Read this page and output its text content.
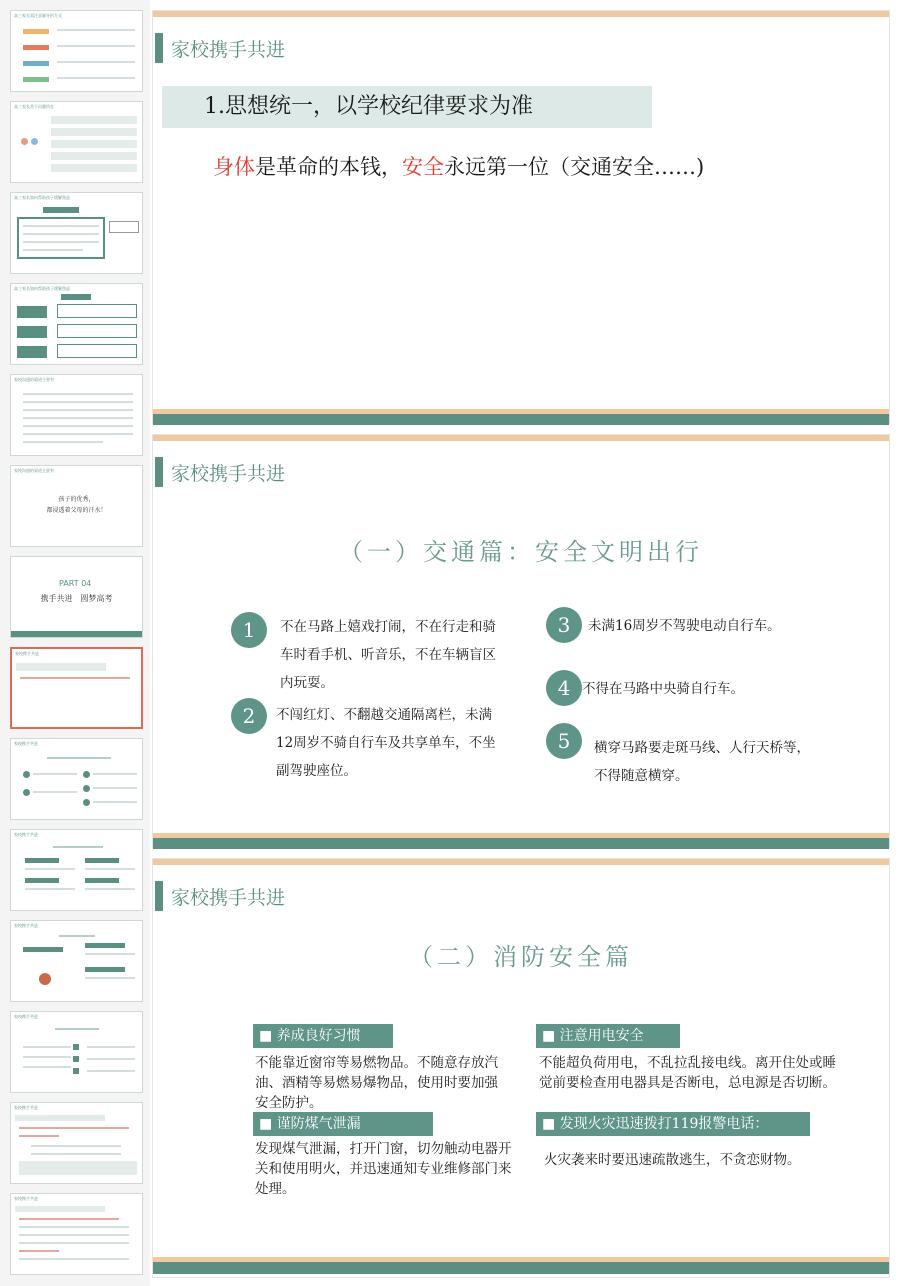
高三家长需注意辅导的方式
高三家长常干问题所在：
高三家长如何帮助孩子缓解焦虑
高三家长如何帮助孩子缓解焦虑
家校沟通的渠道主要有：
家校沟通的渠道主要有：
孩子的优秀，
都浸透着父母的汗水！
PART 04
携手共进　圆梦高考
家校携手共进
家校携手共进
家校携手共进
家校携手共进
家校携手共进
家校携手共进
家校携手共进
家校携手共进
1.思想统一，以学校纪律要求为准
身体是革命的本钱，安全永远第一位（交通安全……)
家校携手共进
（一）交通篇：安全文明出行
1	不在马路上嬉戏打闹，不在行走和骑车时看手机、听音乐，不在车辆盲区内玩耍。
2	不闯红灯、不翻越交通隔离栏，未满12周岁不骑自行车及共享单车，不坐副驾驶座位。
3	未满16周岁不驾驶电动自行车。
4 不得在马路中央骑自行车。
5	横穿马路要走斑马线、人行天桥等，不得随意横穿。
家校携手共进
（二）消防安全篇
■ 养成良好习惯
不能靠近窗帘等易燃物品。不随意存放汽油、酒精等易燃易爆物品，使用时要加强安全防护。
■ 注意用电安全
不能超负荷用电，不乱拉乱接电线。离开住处或睡觉前要检查用电器具是否断电，总电源是否切断。
■ 谨防煤气泄漏
发现煤气泄漏，打开门窗，切勿触动电器开关和使用明火，并迅速通知专业维修部门来处理。
■ 发现火灾迅速拨打119报警电话：
火灾袭来时要迅速疏散逃生，不贪恋财物。
